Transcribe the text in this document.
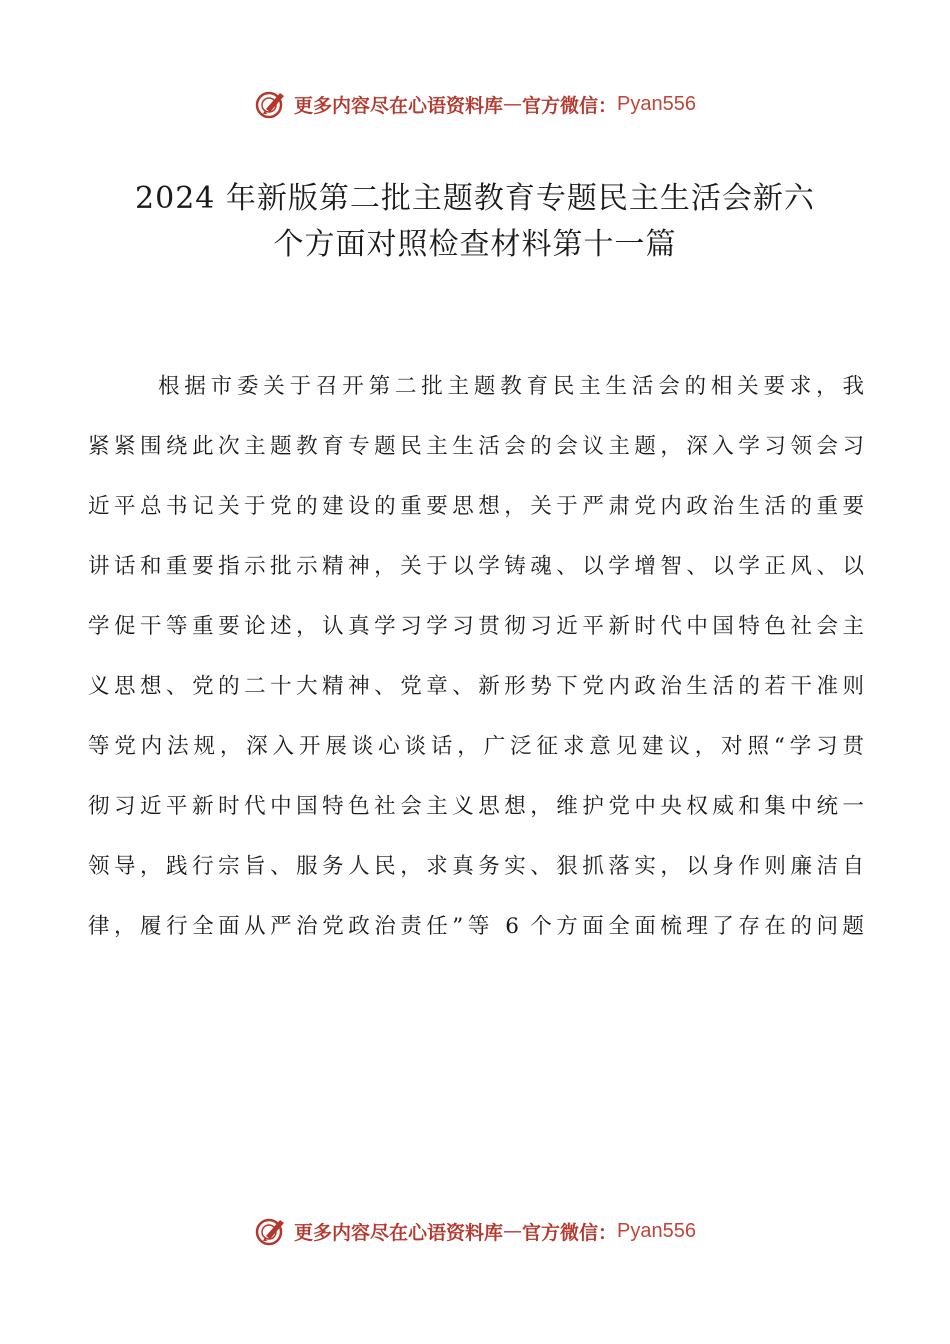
更多内容尽在心语资料库 — 官方微信： Pyan556
2024 年新版第二批主题教育专题民主生活会新六
个方面对照检查材料第十一篇
根据市委关于召开第二批主题教育民主生活会的相关要求，我
紧紧围绕此次主题教育专题民主生活会的会议主题，深入学习领会习
近平总书记关于党的建设的重要思想，关于严肃党内政治生活的重要
讲话和重要指示批示精神，关于以学铸魂、以学增智、以学正风、以
学促干等重要论述，认真学习学习贯彻习近平新时代中国特色社会主
义思想、党的二十大精神、党章、新形势下党内政治生活的若干准则
等党内法规，深入开展谈心谈话，广泛征求意见建议，对照“学习贯
彻习近平新时代中国特色社会主义思想，维护党中央权威和集中统一
领导，践行宗旨、服务人民，求真务实、狠抓落实，以身作则廉洁自
律，履行全面从严治党政治责任”等 6 个方面全面梳理了存在的问题
更多内容尽在心语资料库 — 官方微信： Pyan556
